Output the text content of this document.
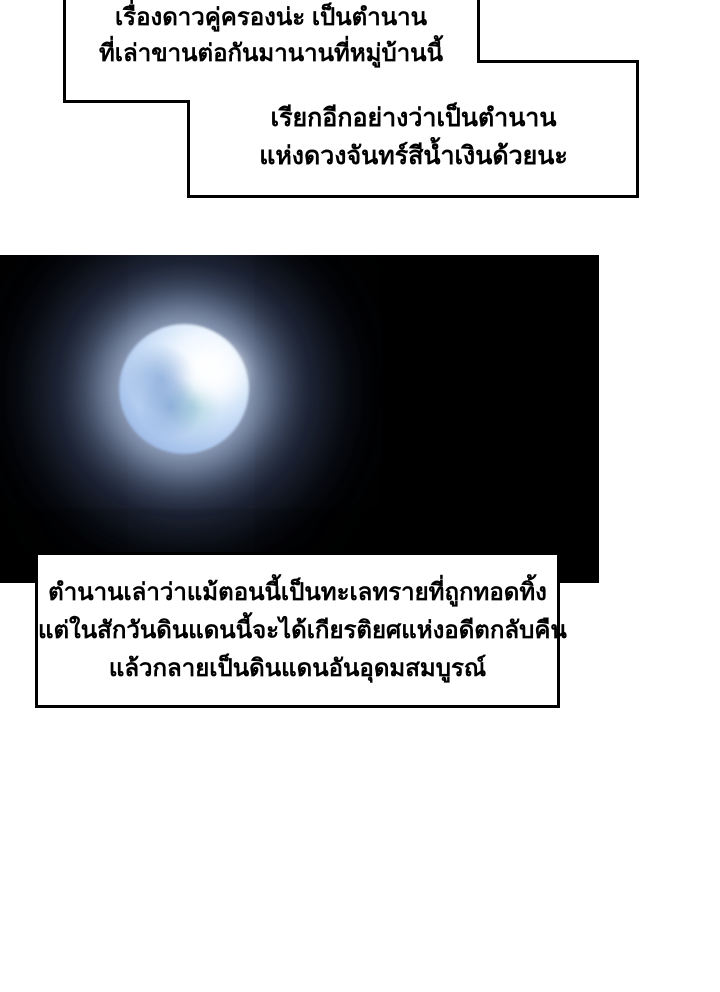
เรื่องดาวคู่ครองน่ะ เป็นตำนาน
ที่เล่าขานต่อกันมานานที่หมู่บ้านนี้
เรียกอีกอย่างว่าเป็นตำนาน
แห่งดวงจันทร์สีน้ำเงินด้วยนะ
ตำนานเล่าว่าแม้ตอนนี้เป็นทะเลทรายที่ถูกทอดทิ้ง
แต่ในสักวันดินแดนนี้จะได้เกียรติยศแห่งอดีตกลับคืน
แล้วกลายเป็นดินแดนอันอุดมสมบูรณ์
